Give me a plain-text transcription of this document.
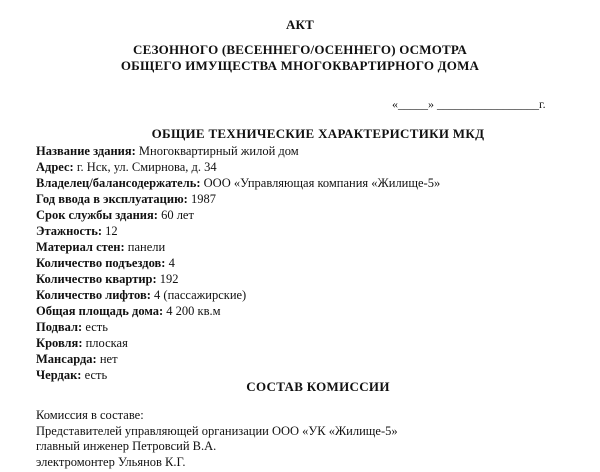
АКТ
СЕЗОННОГО (ВЕСЕННЕГО/ОСЕННЕГО) ОСМОТРА
ОБЩЕГО ИМУЩЕСТВА МНОГОКВАРТИРНОГО ДОМА
«_____» _________________г.
ОБЩИЕ ТЕХНИЧЕСКИЕ ХАРАКТЕРИСТИКИ МКД
Название здания: Многоквартирный жилой дом
Адрес: г. Нск, ул. Смирнова, д. 34
Владелец/балансодержатель: ООО «Управляющая компания «Жилище-5»
Год ввода в эксплуатацию: 1987
Срок службы здания: 60 лет
Этажность: 12
Материал стен: панели
Количество подъездов: 4
Количество квартир: 192
Количество лифтов: 4 (пассажирские)
Общая площадь дома: 4 200 кв.м
Подвал: есть
Кровля: плоская
Мансарда: нет
Чердак: есть
СОСТАВ КОМИССИИ
Комиссия в составе:
Представителей управляющей организации ООО «УК «Жилище-5»
главный инженер Петровсий В.А.
электромонтер Ульянов К.Г.
